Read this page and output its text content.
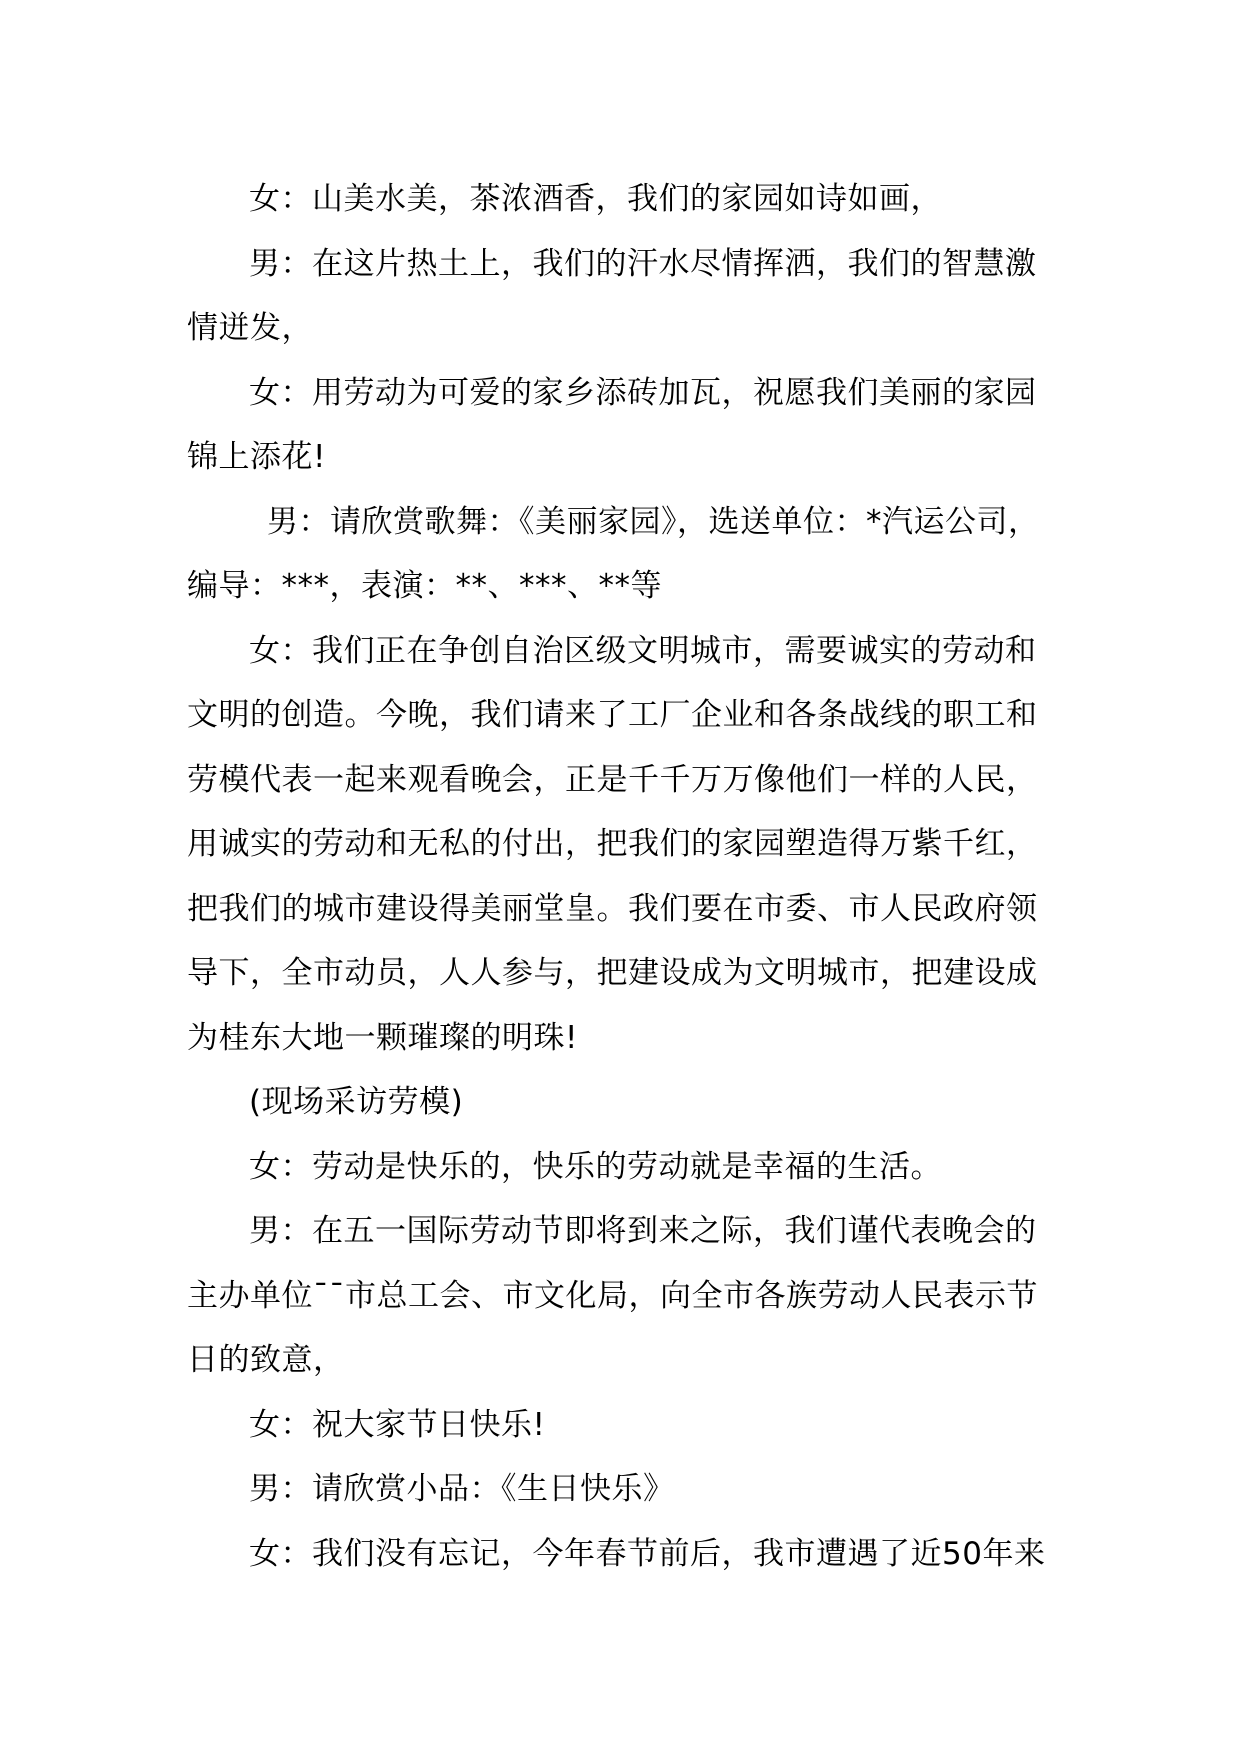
女：山美水美，茶浓酒香，我们的家园如诗如画，

男：在这片热土上，我们的汗水尽情挥洒，我们的智慧激情迸发，

女：用劳动为可爱的家乡添砖加瓦，祝愿我们美丽的家园锦上添花!

男：请欣赏歌舞：《美丽家园》，选送单位：*汽运公司，编导：***，表演：**、***、**等

女：我们正在争创自治区级文明城市，需要诚实的劳动和文明的创造。今晚，我们请来了工厂企业和各条战线的职工和劳模代表一起来观看晚会，正是千千万万像他们一样的人民，用诚实的劳动和无私的付出，把我们的家园塑造得万紫千红，把我们的城市建设得美丽堂皇。我们要在市委、市人民政府领导下，全市动员，人人参与，把建设成为文明城市，把建设成为桂东大地一颗璀璨的明珠!

(现场采访劳模)

女：劳动是快乐的，快乐的劳动就是幸福的生活。

男：在五一国际劳动节即将到来之际，我们谨代表晚会的主办单位¯¯市总工会、市文化局，向全市各族劳动人民表示节日的致意，

女：祝大家节日快乐!

男：请欣赏小品：《生日快乐》

女：我们没有忘记，今年春节前后，我市遭遇了近50年来
